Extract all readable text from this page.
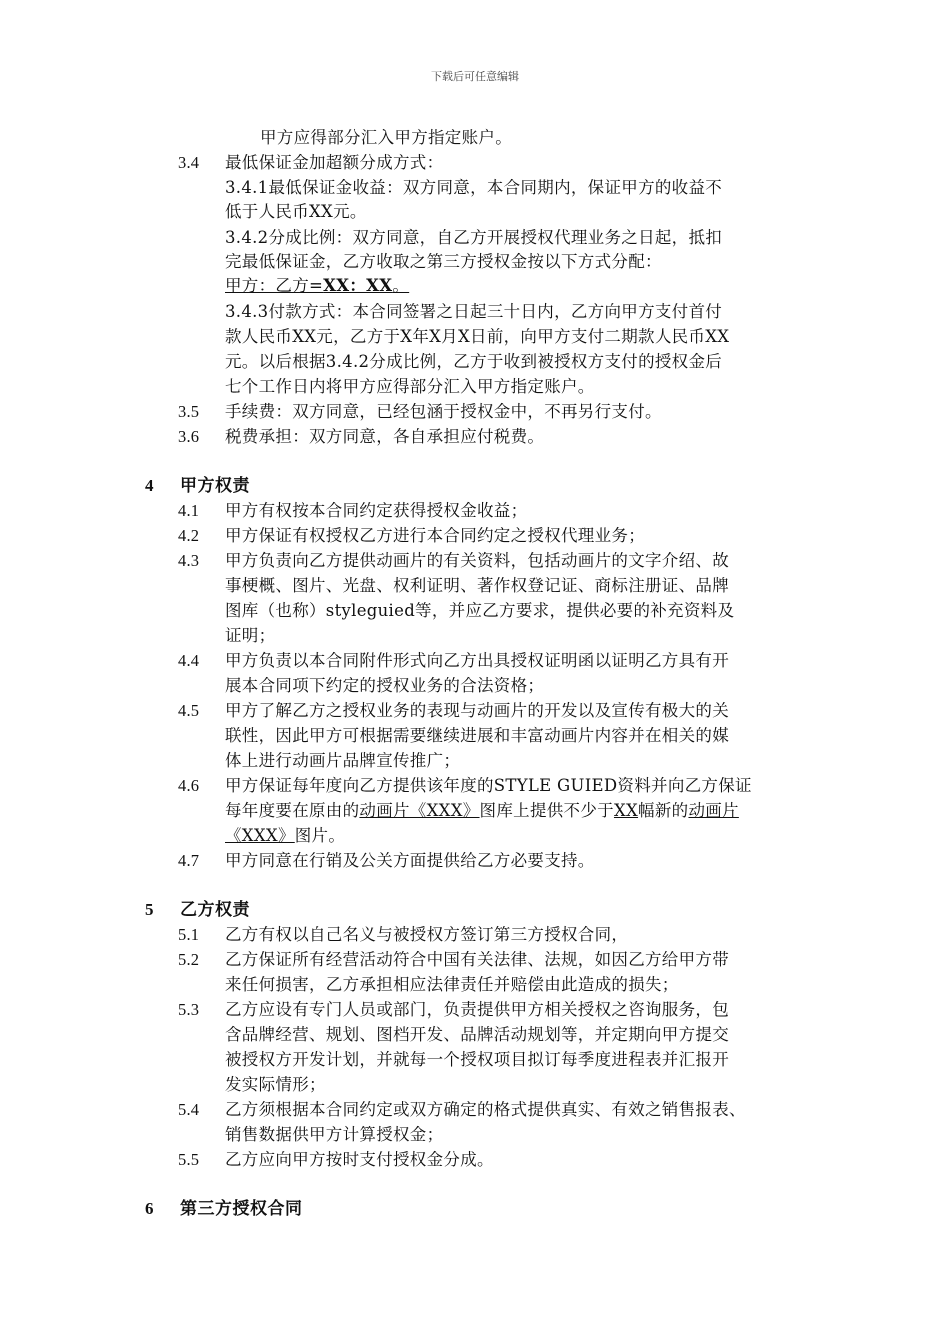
下载后可任意编辑
甲方应得部分汇入甲方指定账户。
3.4 最低保证金加超额分成方式：
3.4.1最低保证金收益：双方同意，本合同期内，保证甲方的收益不
低于人民币XX元。
3.4.2分成比例：双方同意，自乙方开展授权代理业务之日起，抵扣
完最低保证金，乙方收取之第三方授权金按以下方式分配：
甲方：乙方=XX：XX。
3.4.3付款方式：本合同签署之日起三十日内，乙方向甲方支付首付
款人民币XX元，乙方于X年X月X日前，向甲方支付二期款人民币XX
元。以后根据3.4.2分成比例，乙方于收到被授权方支付的授权金后
七个工作日内将甲方应得部分汇入甲方指定账户。
3.5 手续费：双方同意，已经包涵于授权金中，不再另行支付。
3.6 税费承担：双方同意，各自承担应付税费。
4 甲方权责
4.1 甲方有权按本合同约定获得授权金收益；
4.2 甲方保证有权授权乙方进行本合同约定之授权代理业务；
4.3 甲方负责向乙方提供动画片的有关资料，包括动画片的文字介绍、故
事梗概、图片、光盘、权利证明、著作权登记证、商标注册证、品牌
图库（也称）styleguied等，并应乙方要求，提供必要的补充资料及
证明；
4.4 甲方负责以本合同附件形式向乙方出具授权证明函以证明乙方具有开
展本合同项下约定的授权业务的合法资格；
4.5 甲方了解乙方之授权业务的表现与动画片的开发以及宣传有极大的关
联性，因此甲方可根据需要继续进展和丰富动画片内容并在相关的媒
体上进行动画片品牌宣传推广；
4.6 甲方保证每年度向乙方提供该年度的STYLE GUIED资料并向乙方保证
每年度要在原由的动画片《XXX》图库上提供不少于XX幅新的动画片
《XXX》图片。
4.7 甲方同意在行销及公关方面提供给乙方必要支持。
5 乙方权责
5.1 乙方有权以自己名义与被授权方签订第三方授权合同，
5.2 乙方保证所有经营活动符合中国有关法律、法规，如因乙方给甲方带
来任何损害，乙方承担相应法律责任并赔偿由此造成的损失；
5.3 乙方应设有专门人员或部门，负责提供甲方相关授权之咨询服务，包
含品牌经营、规划、图档开发、品牌活动规划等，并定期向甲方提交
被授权方开发计划，并就每一个授权项目拟订每季度进程表并汇报开
发实际情形；
5.4 乙方须根据本合同约定或双方确定的格式提供真实、有效之销售报表、
销售数据供甲方计算授权金；
5.5 乙方应向甲方按时支付授权金分成。
6 第三方授权合同
